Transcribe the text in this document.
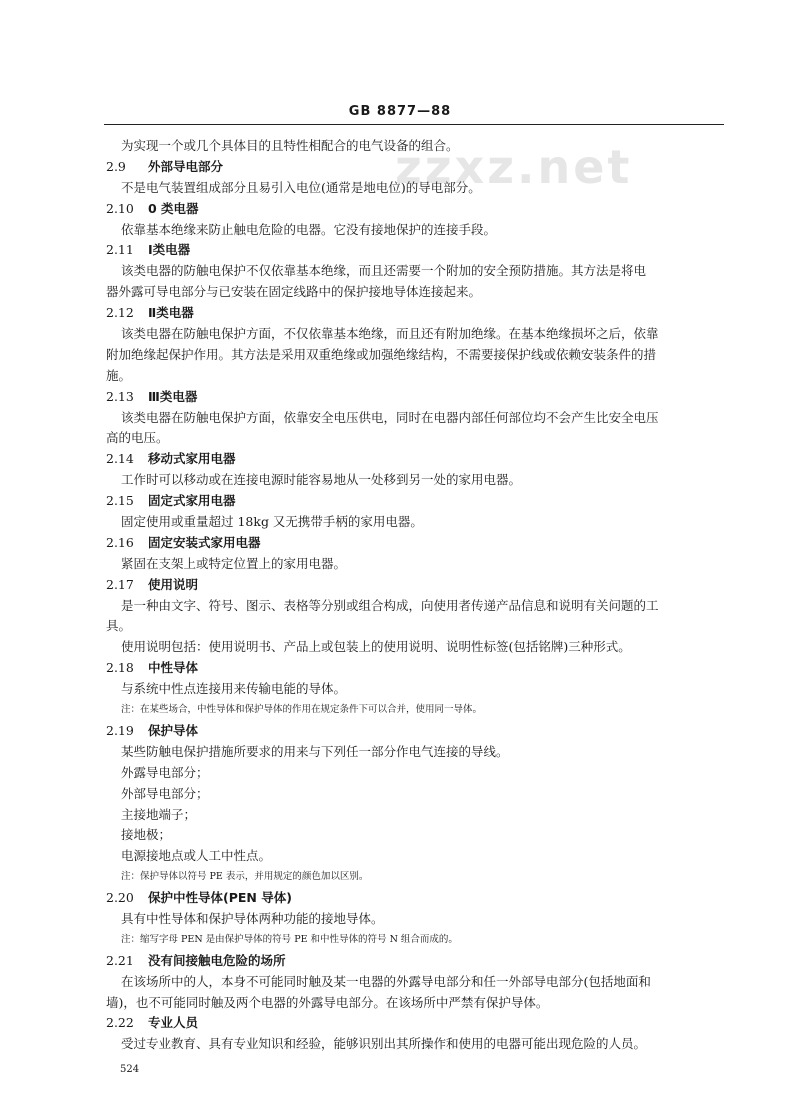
zzxz.net
GB 8877—88
为实现一个或几个具体目的且特性相配合的电气设备的组合。
2.9 外部导电部分
不是电气装置组成部分且易引入电位(通常是地电位)的导电部分。
2.10 0 类电器
依靠基本绝缘来防止触电危险的电器。它没有接地保护的连接手段。
2.11 Ⅰ类电器
该类电器的防触电保护不仅依靠基本绝缘，而且还需要一个附加的安全预防措施。其方法是将电
器外露可导电部分与已安装在固定线路中的保护接地导体连接起来。
2.12 Ⅱ类电器
该类电器在防触电保护方面，不仅依靠基本绝缘，而且还有附加绝缘。在基本绝缘损坏之后，依靠
附加绝缘起保护作用。其方法是采用双重绝缘或加强绝缘结构，不需要接保护线或依赖安装条件的措
施。
2.13 Ⅲ类电器
该类电器在防触电保护方面，依靠安全电压供电，同时在电器内部任何部位均不会产生比安全电压
高的电压。
2.14 移动式家用电器
工作时可以移动或在连接电源时能容易地从一处移到另一处的家用电器。
2.15 固定式家用电器
固定使用或重量超过 18kg 又无携带手柄的家用电器。
2.16 固定安装式家用电器
紧固在支架上或特定位置上的家用电器。
2.17 使用说明
是一种由文字、符号、图示、表格等分别或组合构成，向使用者传递产品信息和说明有关问题的工
具。
使用说明包括：使用说明书、产品上或包装上的使用说明、说明性标签(包括铭牌)三种形式。
2.18 中性导体
与系统中性点连接用来传输电能的导体。
注：在某些场合，中性导体和保护导体的作用在规定条件下可以合并，使用同一导体。
2.19 保护导体
某些防触电保护措施所要求的用来与下列任一部分作电气连接的导线。
外露导电部分；
外部导电部分；
主接地端子；
接地极；
电源接地点或人工中性点。
注：保护导体以符号 PE 表示，并用规定的颜色加以区别。
2.20 保护中性导体(PEN 导体)
具有中性导体和保护导体两种功能的接地导体。
注：缩写字母 PEN 是由保护导体的符号 PE 和中性导体的符号 N 组合而成的。
2.21 没有间接触电危险的场所
在该场所中的人，本身不可能同时触及某一电器的外露导电部分和任一外部导电部分(包括地面和
墙)，也不可能同时触及两个电器的外露导电部分。在该场所中严禁有保护导体。
2.22 专业人员
受过专业教育、具有专业知识和经验，能够识别出其所操作和使用的电器可能出现危险的人员。
524
